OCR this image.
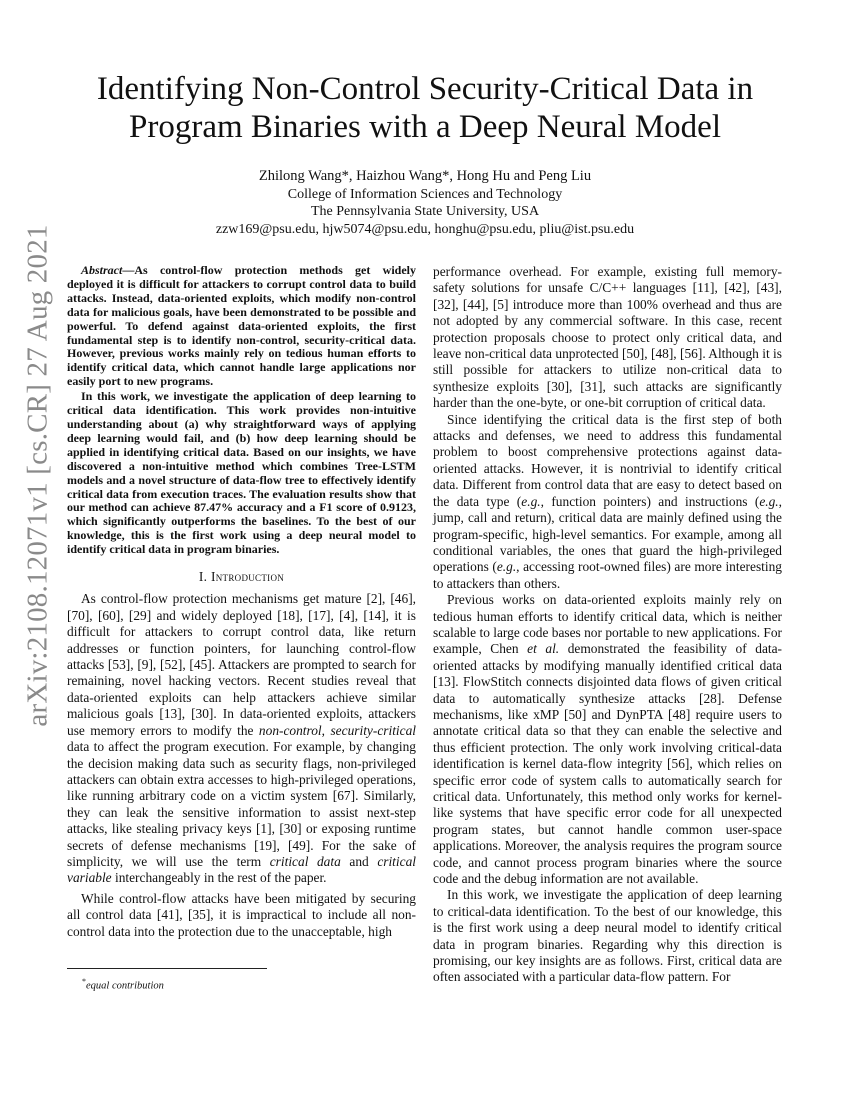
arXiv:2108.12071v1 [cs.CR] 27 Aug 2021
Identifying Non-Control Security-Critical Data in
Program Binaries with a Deep Neural Model
Zhilong Wang*, Haizhou Wang*, Hong Hu and Peng Liu
College of Information Sciences and Technology
The Pennsylvania State University, USA
zzw169@psu.edu, hjw5074@psu.edu, honghu@psu.edu, pliu@ist.psu.edu

Abstract—As control-flow protection methods get widely deployed it is difficult for attackers to corrupt control data to build attacks. Instead, data-oriented exploits, which modify non-control data for malicious goals, have been demonstrated to be possible and powerful. To defend against data-oriented exploits, the first fundamental step is to identify non-control, security-critical data. However, previous works mainly rely on tedious human efforts to identify critical data, which cannot handle large applications nor easily port to new programs.

In this work, we investigate the application of deep learning to critical data identification. This work provides non-intuitive understanding about (a) why straightforward ways of applying deep learning would fail, and (b) how deep learning should be applied in identifying critical data. Based on our insights, we have discovered a non-intuitive method which combines Tree-LSTM models and a novel structure of data-flow tree to effectively identify critical data from execution traces. The evaluation results show that our method can achieve 87.47% accuracy and a F1 score of 0.9123, which significantly outperforms the baselines. To the best of our knowledge, this is the first work using a deep neural model to identify critical data in program binaries.

I. Introduction

As control-flow protection mechanisms get mature [2], [46], [70], [60], [29] and widely deployed [18], [17], [4], [14], it is difficult for attackers to corrupt control data, like return addresses or function pointers, for launching control-flow attacks [53], [9], [52], [45]. Attackers are prompted to search for remaining, novel hacking vectors. Recent studies reveal that data-oriented exploits can help attackers achieve similar malicious goals [13], [30]. In data-oriented exploits, attackers use memory errors to modify the non-control, security-critical data to affect the program execution. For example, by changing the decision making data such as security flags, non-privileged attackers can obtain extra accesses to high-privileged operations, like running arbitrary code on a victim system [67]. Similarly, they can leak the sensitive information to assist next-step attacks, like stealing privacy keys [1], [30] or exposing runtime secrets of defense mechanisms [19], [49]. For the sake of simplicity, we will use the term critical data and critical variable interchangeably in the rest of the paper.

While control-flow attacks have been mitigated by securing all control data [41], [35], it is impractical to include all non-control data into the protection due to the unacceptable, high

performance overhead. For example, existing full memory-safety solutions for unsafe C/C++ languages [11], [42], [43], [32], [44], [5] introduce more than 100% overhead and thus are not adopted by any commercial software. In this case, recent protection proposals choose to protect only critical data, and leave non-critical data unprotected [50], [48], [56]. Although it is still possible for attackers to utilize non-critical data to synthesize exploits [30], [31], such attacks are significantly harder than the one-byte, or one-bit corruption of critical data.

Since identifying the critical data is the first step of both attacks and defenses, we need to address this fundamental problem to boost comprehensive protections against data-oriented attacks. However, it is nontrivial to identify critical data. Different from control data that are easy to detect based on the data type (e.g., function pointers) and instructions (e.g., jump, call and return), critical data are mainly defined using the program-specific, high-level semantics. For example, among all conditional variables, the ones that guard the high-privileged operations (e.g., accessing root-owned files) are more interesting to attackers than others.

Previous works on data-oriented exploits mainly rely on tedious human efforts to identify critical data, which is neither scalable to large code bases nor portable to new applications. For example, Chen et al. demonstrated the feasibility of data-oriented attacks by modifying manually identified critical data [13]. FlowStitch connects disjointed data flows of given critical data to automatically synthesize attacks [28]. Defense mechanisms, like xMP [50] and DynPTA [48] require users to annotate critical data so that they can enable the selective and thus efficient protection. The only work involving critical-data identification is kernel data-flow integrity [56], which relies on specific error code of system calls to automatically search for critical data. Unfortunately, this method only works for kernel-like systems that have specific error code for all unexpected program states, but cannot handle common user-space applications. Moreover, the analysis requires the program source code, and cannot process program binaries where the source code and the debug information are not available.

In this work, we investigate the application of deep learning to critical-data identification. To the best of our knowledge, this is the first work using a deep neural model to identify critical data in program binaries. Regarding why this direction is promising, our key insights are as follows. First, critical data are often associated with a particular data-flow pattern. For

*equal contribution
